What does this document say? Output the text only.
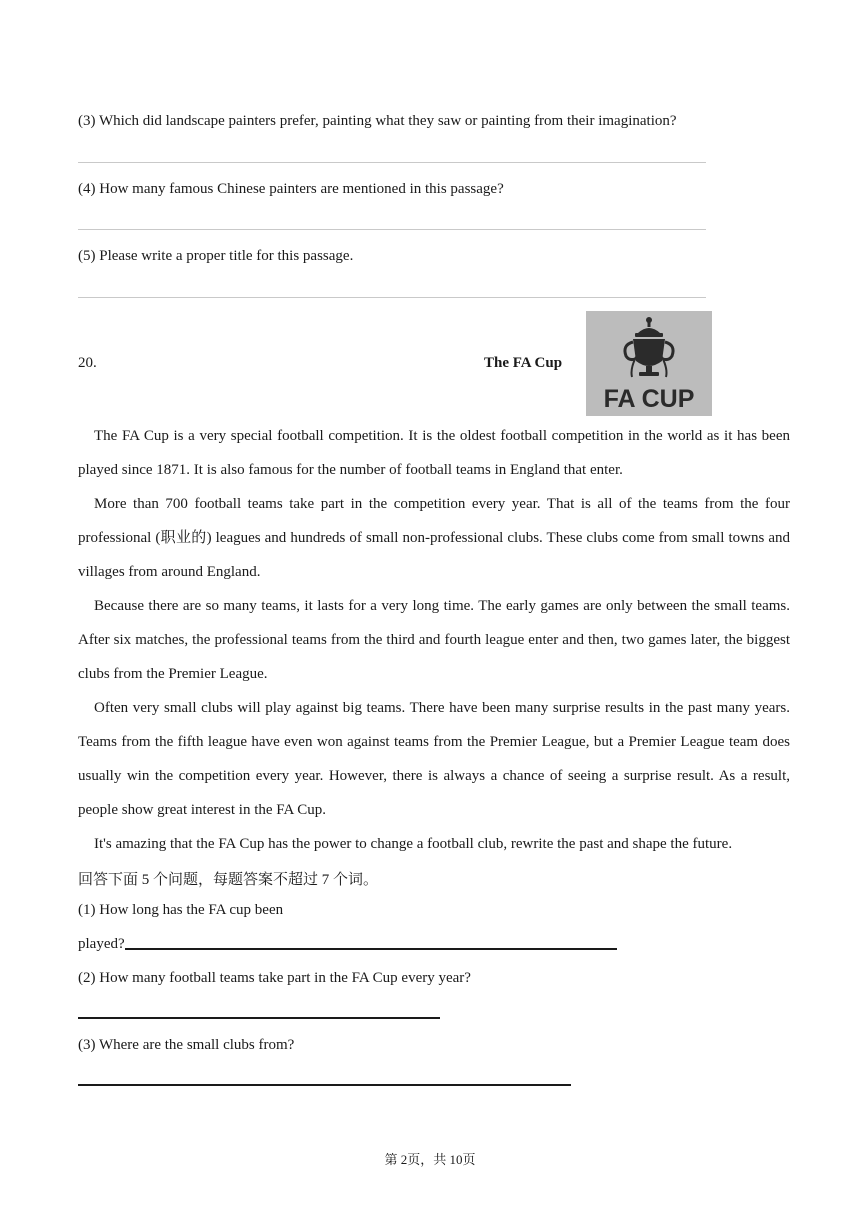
(3) Which did landscape painters prefer, painting what they saw or painting from their imagination?
(4) How many famous Chinese painters are mentioned in this passage?
(5) Please write a proper title for this passage.
20.	The FA Cup
FA CUP

The FA Cup is a very special football competition. It is the oldest football competition in the world as it has been played since 1871. It is also famous for the number of football teams in England that enter.

More than 700 football teams take part in the competition every year. That is all of the teams from the four professional (职业的) leagues and hundreds of small non-professional clubs. These clubs come from small towns and villages from around England.

Because there are so many teams, it lasts for a very long time. The early games are only between the small teams. After six matches, the professional teams from the third and fourth league enter and then, two games later, the biggest clubs from the Premier League.

Often very small clubs will play against big teams. There have been many surprise results in the past many years. Teams from the fifth league have even won against teams from the Premier League, but a Premier League team does usually win the competition every year. However, there is always a chance of seeing a surprise result. As a result, people show great interest in the FA Cup.

It's amazing that the FA Cup has the power to change a football club, rewrite the past and shape the future.

回答下面 5 个问题，每题答案不超过 7 个词。
(1) How long has the FA cup been
played?
(2) How many football teams take part in the FA Cup every year?
(3) Where are the small clubs from?
第 2页，共 10页
